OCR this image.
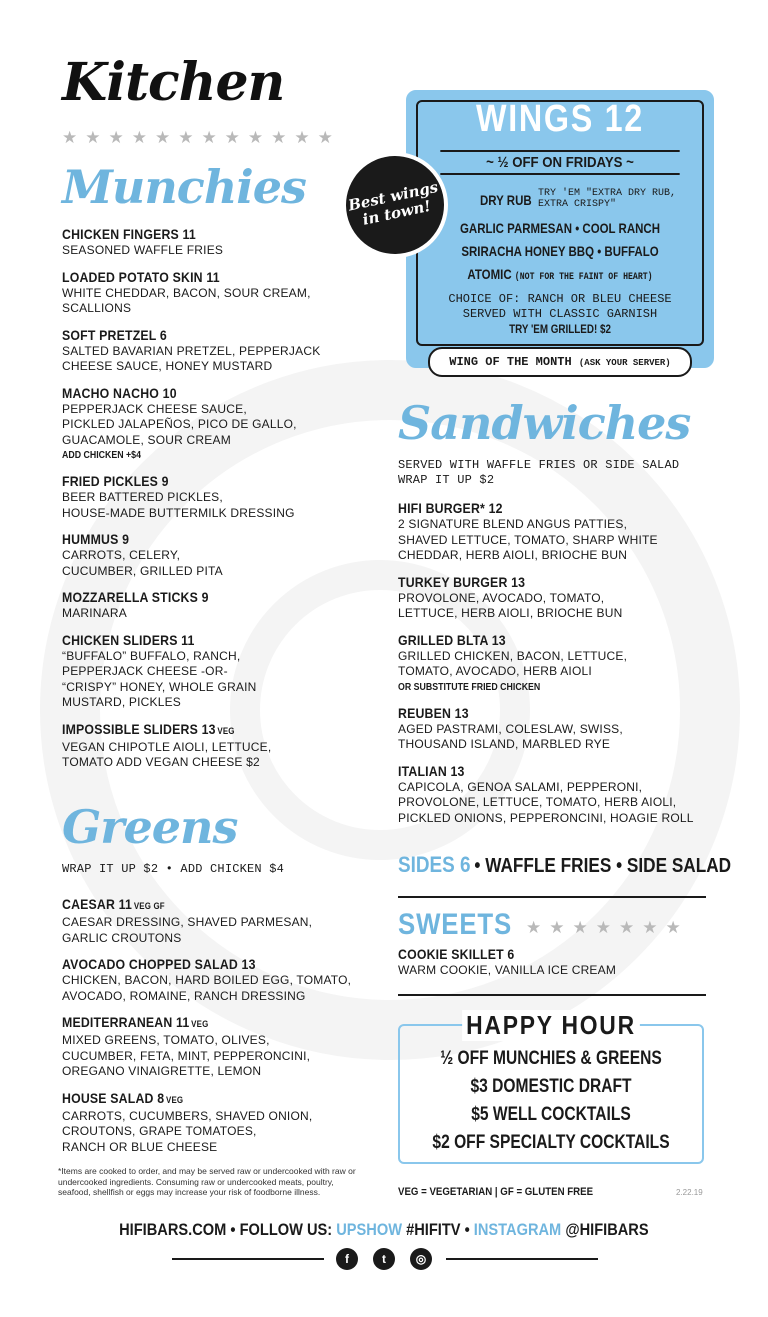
Kitchen
★★★★★★★★★★★★
Munchies
CHICKEN FINGERS 11
SEASONED WAFFLE FRIES
LOADED POTATO SKIN 11
WHITE CHEDDAR, BACON, SOUR CREAM,
SCALLIONS
SOFT PRETZEL 6
SALTED BAVARIAN PRETZEL, PEPPERJACK
CHEESE SAUCE, HONEY MUSTARD
MACHO NACHO 10
PEPPERJACK CHEESE SAUCE,
PICKLED JALAPEÑOS, PICO DE GALLO,
GUACAMOLE, SOUR CREAM
ADD CHICKEN +$4
FRIED PICKLES 9
BEER BATTERED PICKLES,
HOUSE-MADE BUTTERMILK DRESSING
HUMMUS 9
CARROTS, CELERY,
CUCUMBER, GRILLED PITA
MOZZARELLA STICKS 9
MARINARA
CHICKEN SLIDERS 11
“BUFFALO” BUFFALO, RANCH,
PEPPERJACK CHEESE -OR-
“CRISPY” HONEY, WHOLE GRAIN
MUSTARD, PICKLES
IMPOSSIBLE SLIDERS 13 VEG
VEGAN CHIPOTLE AIOLI, LETTUCE,
TOMATO ADD VEGAN CHEESE $2
Greens
WRAP IT UP $2 • ADD CHICKEN $4
CAESAR 11 VEG GF
CAESAR DRESSING, SHAVED PARMESAN,
GARLIC CROUTONS
AVOCADO CHOPPED SALAD 13
CHICKEN, BACON, HARD BOILED EGG, TOMATO,
AVOCADO, ROMAINE, RANCH DRESSING
MEDITERRANEAN 11 VEG
MIXED GREENS, TOMATO, OLIVES,
CUCUMBER, FETA, MINT, PEPPERONCINI,
OREGANO VINAIGRETTE, LEMON
HOUSE SALAD 8 VEG
CARROTS, CUCUMBERS, SHAVED ONION,
CROUTONS, GRAPE TOMATOES,
RANCH OR BLUE CHEESE
WINGS 12
~ ½ OFF ON FRIDAYS ~
DRY RUB TRY 'EM "EXTRA DRY RUB,
EXTRA CRISPY"
GARLIC PARMESAN • COOL RANCH
SRIRACHA HONEY BBQ • BUFFALO
ATOMIC (NOT FOR THE FAINT OF HEART)
CHOICE OF: RANCH OR BLEU CHEESE
SERVED WITH CLASSIC GARNISH
TRY 'EM GRILLED! $2
WING OF THE MONTH (ASK YOUR SERVER)
Best wings in town!
Sandwiches
SERVED WITH WAFFLE FRIES OR SIDE SALAD
WRAP IT UP $2
HIFI BURGER* 12
2 SIGNATURE BLEND ANGUS PATTIES,
SHAVED LETTUCE, TOMATO, SHARP WHITE
CHEDDAR, HERB AIOLI, BRIOCHE BUN
TURKEY BURGER 13
PROVOLONE, AVOCADO, TOMATO,
LETTUCE, HERB AIOLI, BRIOCHE BUN
GRILLED BLTA 13
GRILLED CHICKEN, BACON, LETTUCE,
TOMATO, AVOCADO, HERB AIOLI
OR SUBSTITUTE FRIED CHICKEN
REUBEN 13
AGED PASTRAMI, COLESLAW, SWISS,
THOUSAND ISLAND, MARBLED RYE
ITALIAN 13
CAPICOLA, GENOA SALAMI, PEPPERONI,
PROVOLONE, LETTUCE, TOMATO, HERB AIOLI,
PICKLED ONIONS, PEPPERONCINI, HOAGIE ROLL
SIDES 6 • WAFFLE FRIES • SIDE SALAD
SWEETS ★★★★★★★
COOKIE SKILLET 6
WARM COOKIE, VANILLA ICE CREAM
HAPPY HOUR
½ OFF MUNCHIES & GREENS
$3 DOMESTIC DRAFT
$5 WELL COCKTAILS
$2 OFF SPECIALTY COCKTAILS
*Items are cooked to order, and may be served raw or undercooked with raw or undercooked ingredients. Consuming raw or undercooked meats, poultry, seafood, shellfish or eggs may increase your risk of foodborne illness.	VEG = VEGETARIAN | GF = GLUTEN FREE	2.22.19
HIFIBARS.COM • FOLLOW US: UPSHOW #HIFITV • INSTAGRAM @HIFIBARS
f	t	◎
